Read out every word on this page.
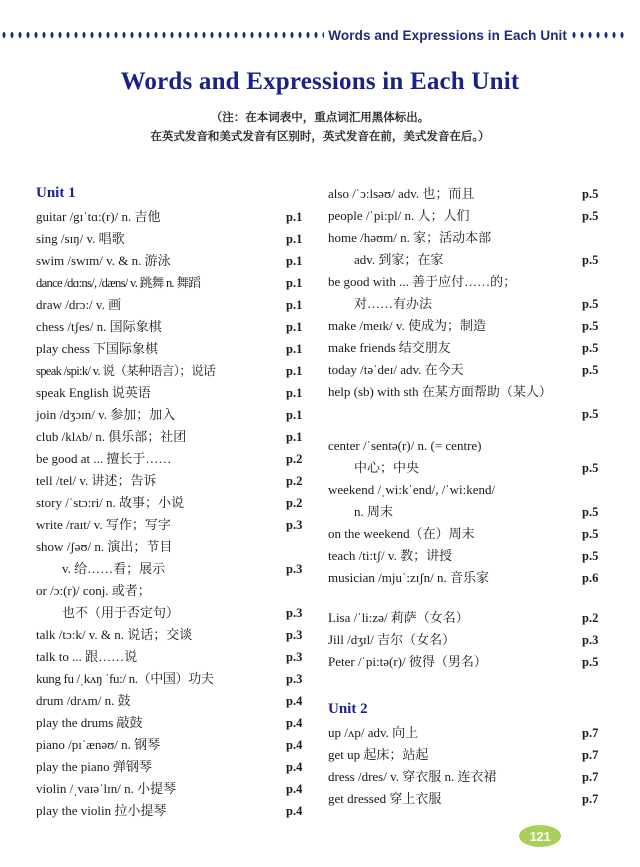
Words and Expressions in Each Unit
Words and Expressions in Each Unit
（注：在本词表中，重点词汇用黑体标出。
在英式发音和美式发音有区别时，英式发音在前，美式发音在后。）
Unit 1
guitar /gɪˈtɑ:(r)/ n. 吉他	p.1
sing /sɪŋ/ v. 唱歌	p.1
swim /swɪm/ v. & n. 游泳	p.1
dance /dɑ:ns/, /dæns/ v. 跳舞 n. 舞蹈	p.1
draw /drɔ:/ v. 画	p.1
chess /tʃes/ n. 国际象棋	p.1
play chess 下国际象棋	p.1
speak /spi:k/ v. 说（某种语言）；说话	p.1
speak English 说英语	p.1
join /dʒɔɪn/ v. 参加；加入	p.1
club /klʌb/ n. 俱乐部；社团	p.1
be good at ... 擅长于……	p.2
tell /tel/ v. 讲述；告诉	p.2
story /ˈstɔ:ri/ n. 故事；小说	p.2
write /raɪt/ v. 写作；写字	p.3
show /ʃəʊ/ n. 演出；节目
v. 给……看；展示	p.3
or /ɔ:(r)/ conj. 或者；
也不（用于否定句）	p.3
talk /tɔ:k/ v. & n. 说话；交谈	p.3
talk to ... 跟……说	p.3
kung fu /ˌkʌŋ ˈfu:/ n.（中国）功夫	p.3
drum /drʌm/ n. 鼓	p.4
play the drums 敲鼓	p.4
piano /pɪˈænəʊ/ n. 钢琴	p.4
play the piano 弹钢琴	p.4
violin /ˌvaɪəˈlɪn/ n. 小提琴	p.4
play the violin 拉小提琴	p.4
also /ˈɔ:lsəʊ/ adv. 也；而且	p.5
people /ˈpi:pl/ n. 人；人们	p.5
home /həʊm/ n. 家；活动本部
adv. 到家；在家	p.5
be good with ... 善于应付……的；
对……有办法	p.5
make /meɪk/ v. 使成为；制造	p.5
make friends 结交朋友	p.5
today /təˈdeɪ/ adv. 在今天	p.5
help (sb) with sth 在某方面帮助（某人）
p.5
center /ˈsentə(r)/ n. (= centre)
中心；中央	p.5
weekend /ˌwi:kˈend/, /ˈwi:kend/
n. 周末	p.5
on the weekend（在）周末	p.5
teach /ti:tʃ/ v. 教；讲授	p.5
musician /mjuˈ:zɪʃn/ n. 音乐家	p.6
Lisa /ˈli:zə/ 莉萨（女名）	p.2
Jill /dʒɪl/ 吉尔（女名）	p.3
Peter /ˈpi:tə(r)/ 彼得（男名）	p.5
Unit 2
up /ʌp/ adv. 向上	p.7
get up 起床；站起	p.7
dress /dres/ v. 穿衣服 n. 连衣裙	p.7
get dressed 穿上衣服	p.7
121
